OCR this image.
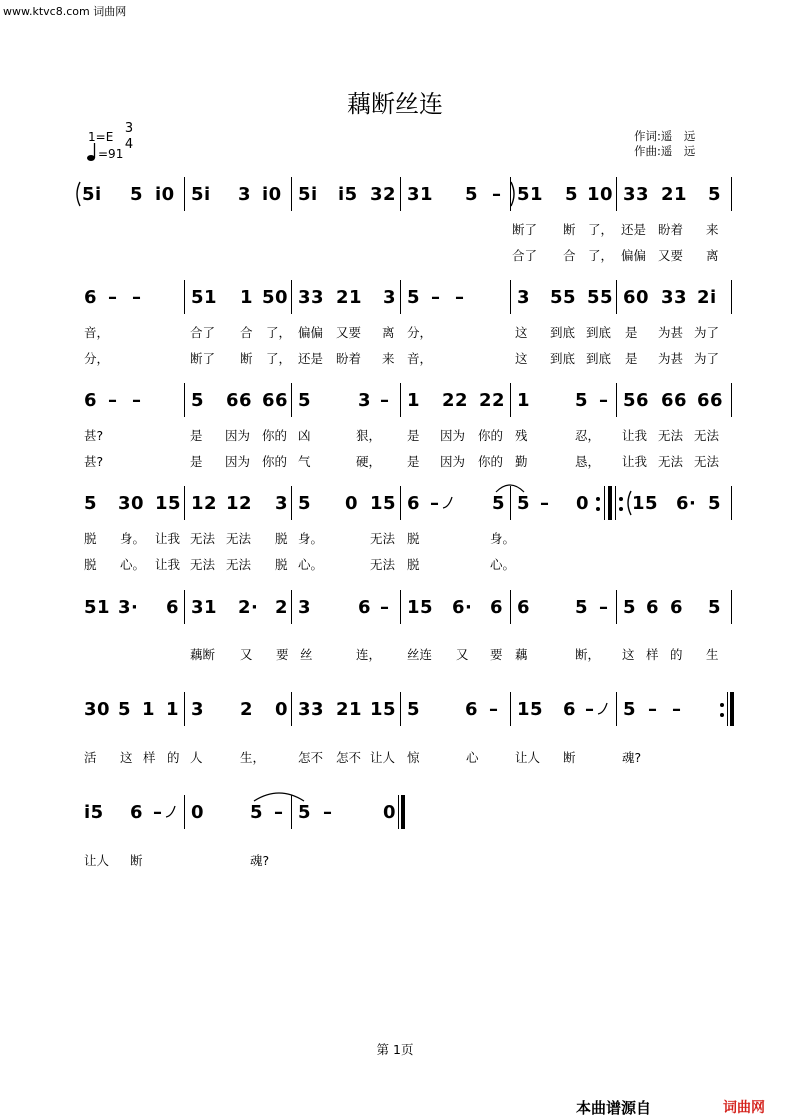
www.ktvc8.com 词曲网
藕断丝连
1=E
3
4
=91
作词:遥　远
作曲:遥　远
5i 5 i0 5i 3 i0 5i i5 32 31 5 – 51 5 10 33 21 5
断了 断 了， 还是 盼着 来
合了 合 了， 偏偏 又要 离
6 – –	51 1 50 33 21 3 5 – –	3 55 55 60 33 2i
音，	合了 合 了， 偏偏 又要 离 分，	这 到底 到底 是 为甚 为了
分，	断了 断 了， 还是 盼着 来 音，	这 到底 到底 是 为甚 为了
6 – –	5 66 66 5	3 – 1 22 22 1 5 – 56 66 66
甚?	是 因为 你的 凶	狠， 是 因为 你的 残	忍， 让我 无法 无法
甚?	是 因为 你的 气	硬， 是 因为 你的 勤	恳， 让我 无法 无法
5 30 15 12 12 3 5 0 15 6 –	5 5 – 0 15 6· 5
脱 身。 让我 无法 无法 脱 身。	无法 脱	身。
脱 心。 让我 无法 无法 脱 心。	无法 脱	心。
51 3· 6 31 2· 2 3	6 – 15 6· 6 6 5 – 5 6 6 5
藕断 又 要 丝	连， 丝连 又 要 藕	断， 这 样 的 生
30 5 1 1 3 2 0 33 21 15 5 6 – 15 6 – 5 – –
活 这 样 的 人	生，	怎不 怎不 让人 惊	心	让人 断	魂?
i5 6 – 0	5 – 5 –	0
让人 断	魂?
第 1页
本曲谱源自	词曲网
